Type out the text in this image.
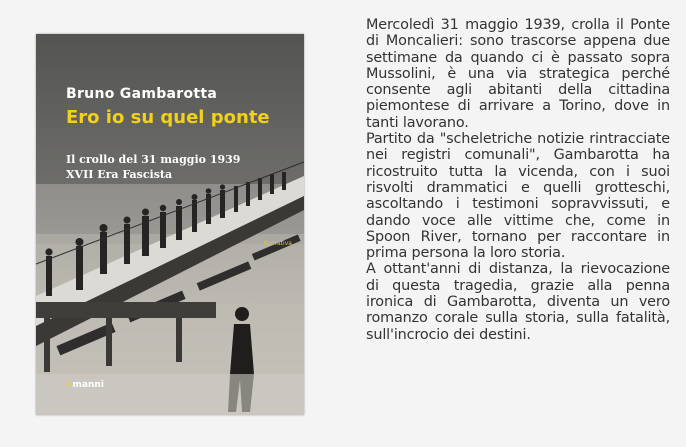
Bruno Gambarotta
Ero io su quel ponte
Il crollo del 31 maggio 1939
XVII Era Fascista
Narrativa
+manni

Mercoledì 31 maggio 1939, crolla il Ponte di Moncalieri: sono trascorse appena due settimane da quando ci è passato sopra Mussolini, è una via strategica perché consente agli abitanti della cittadina piemontese di arrivare a Torino, dove in tanti lavorano.

Partito da "scheletriche notizie rintracciate nei registri comunali", Gambarotta ha ricostruito tutta la vicenda, con i suoi risvolti drammatici e quelli grotteschi, ascoltando i testimoni sopravvissuti, e dando voce alle vittime che, come in Spoon River, tornano per raccontare in prima persona la loro storia.

A ottant'anni di distanza, la rievocazione di questa tragedia, grazie alla penna ironica di Gambarotta, diventa un vero romanzo corale sulla storia, sulla fatalità, sull'incrocio dei destini.
